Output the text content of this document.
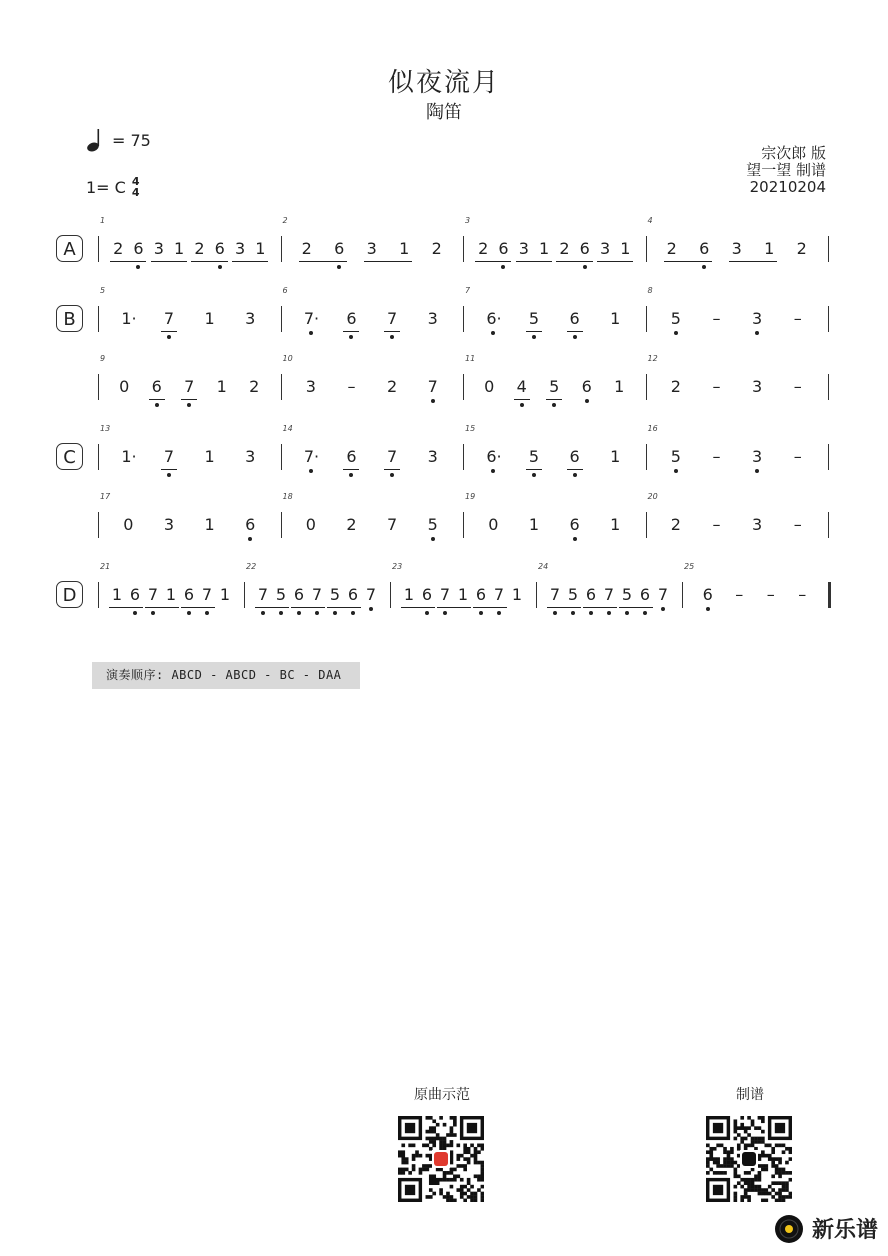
似夜流月
陶笛
= 75
1= C 4
4
宗次郎 版
望一望 制谱
20210204
A
1
2 6 3 1 2 6 3 1
2
2 6 3 1 2
3
2 6 3 1 2 6 3 1
4
2 6 3 1 2
B
5
1· 7 1 3
6
7· 6 7 3
7
6· 5 6 1
8
5 – 3 –
9
0 6 7 1 2
10
3 – 2 7
11
0 4 5 6 1
12
2 – 3 –
C
13
1· 7 1 3
14
7· 6 7 3
15
6· 5 6 1
16
5 – 3 –
17
0 3 1 6
18
0 2 7 5
19
0 1 6 1
20
2 – 3 –
D
21
1 6 7 1 6 7 1
22
7 5 6 7 5 6 7
23
1 6 7 1 6 7 1
24
7 5 6 7 5 6 7
25
6 – – –
演奏顺序: ABCD - ABCD - BC - DAA
原曲示范	制谱
新乐谱
